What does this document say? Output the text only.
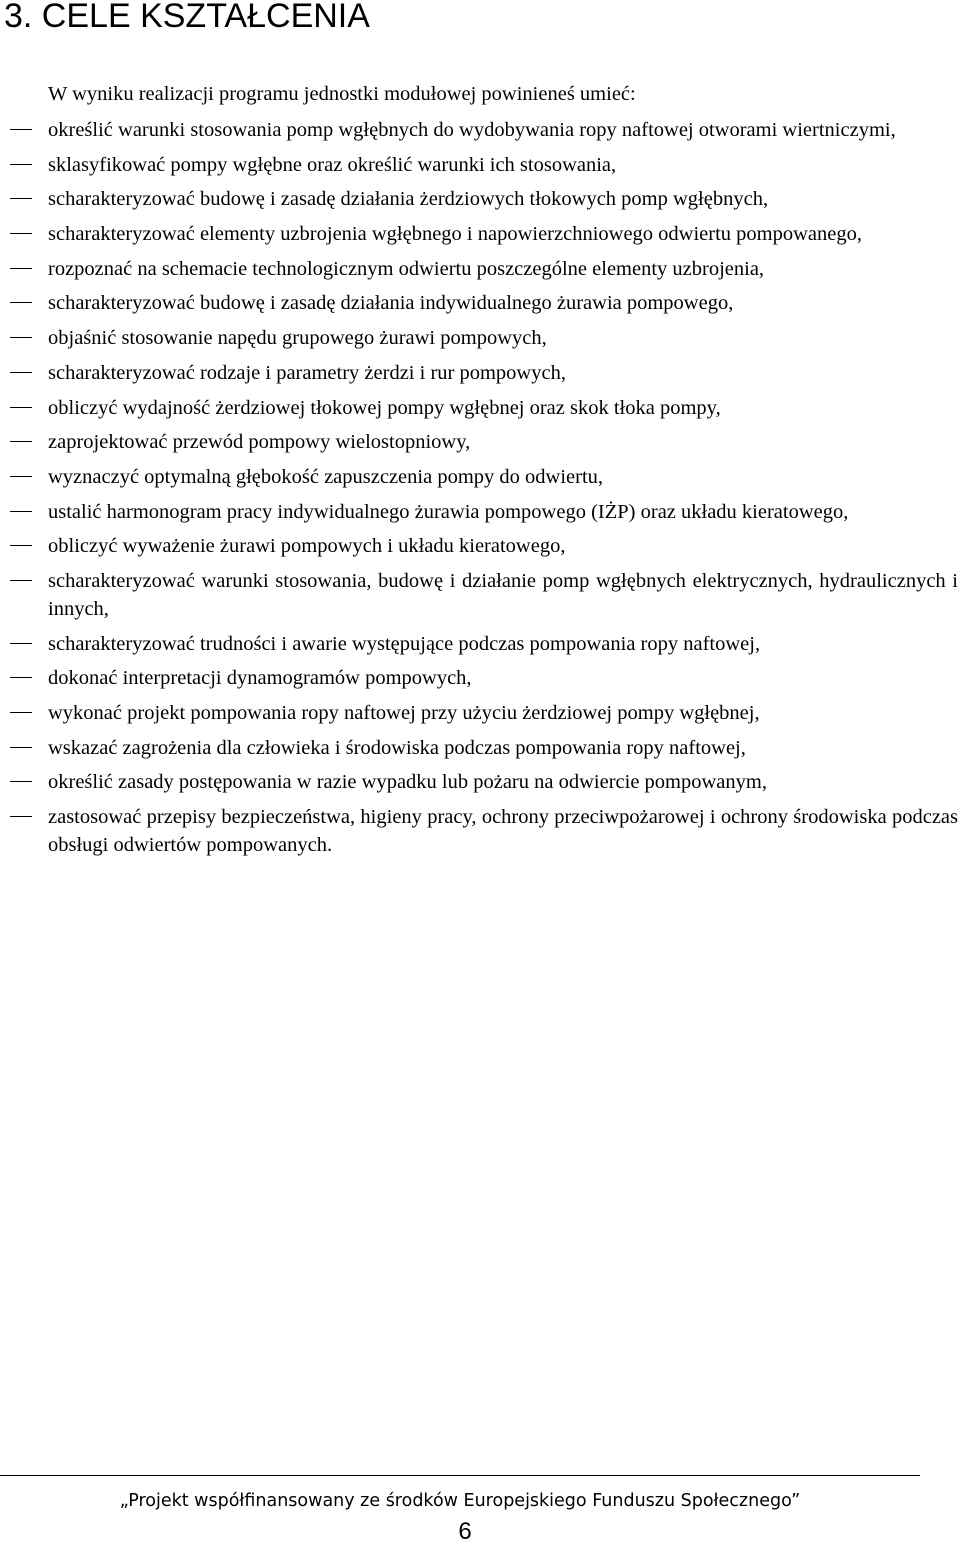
3. CELE KSZTAŁCENIA
W wyniku realizacji programu jednostki modułowej powinieneś umieć:
określić warunki stosowania pomp wgłębnych do wydobywania ropy naftowej otworami wiertniczymi,
sklasyfikować pompy wgłębne oraz określić warunki ich stosowania,
scharakteryzować budowę i zasadę działania żerdziowych tłokowych pomp wgłębnych,
scharakteryzować elementy uzbrojenia wgłębnego i napowierzchniowego odwiertu pompowanego,
rozpoznać na schemacie technologicznym odwiertu poszczególne elementy uzbrojenia,
scharakteryzować budowę i zasadę działania indywidualnego żurawia pompowego,
objaśnić stosowanie napędu grupowego żurawi pompowych,
scharakteryzować rodzaje i parametry żerdzi i rur pompowych,
obliczyć wydajność żerdziowej tłokowej pompy wgłębnej oraz skok tłoka pompy,
zaprojektować przewód pompowy wielostopniowy,
wyznaczyć optymalną głębokość zapuszczenia pompy do odwiertu,
ustalić harmonogram pracy indywidualnego żurawia pompowego (IŻP) oraz układu kieratowego,
obliczyć wyważenie żurawi pompowych i układu kieratowego,
scharakteryzować warunki stosowania, budowę i działanie pomp wgłębnych elektrycznych, hydraulicznych i innych,
scharakteryzować trudności i awarie występujące podczas pompowania ropy naftowej,
dokonać interpretacji dynamogramów pompowych,
wykonać projekt pompowania ropy naftowej przy użyciu żerdziowej pompy wgłębnej,
wskazać zagrożenia dla człowieka i środowiska podczas pompowania ropy naftowej,
określić zasady postępowania w razie wypadku lub pożaru na odwiercie pompowanym,
zastosować przepisy bezpieczeństwa, higieny pracy, ochrony przeciwpożarowej i ochrony środowiska podczas obsługi odwiertów pompowanych.
„Projekt współfinansowany ze środków Europejskiego Funduszu Społecznego”
6
